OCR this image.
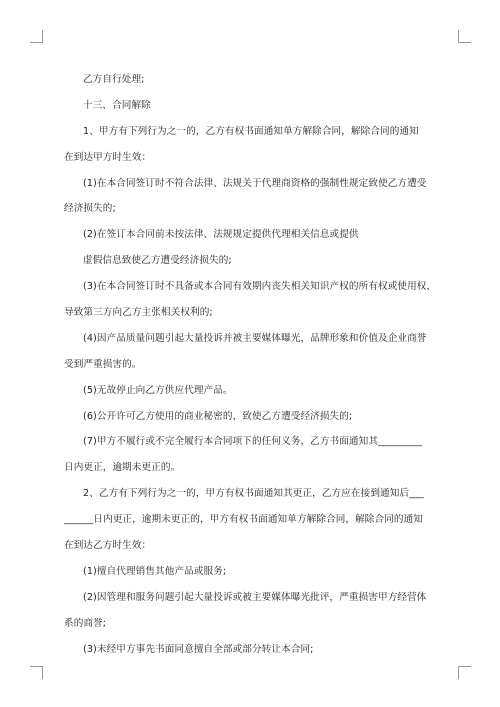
乙方自行处理;
十三、合同解除
1、甲方有下列行为之一的，乙方有权书面通知单方解除合同，解除合同的通知
在到达甲方时生效：
(1)在本合同签订时不符合法律、法规关于代理商资格的强制性规定致使乙方遭受
经济损失的;
(2)在签订本合同前未按法律、法规规定提供代理相关信息或提供
虚假信息致使乙方遭受经济损失的;
(3)在本合同签订时不具备或本合同有效期内丧失相关知识产权的所有权或使用权，
导致第三方向乙方主张相关权利的;
(4)因产品质量问题引起大量投诉并被主要媒体曝光，品牌形象和价值及企业商誉
受到严重损害的。
(5)无故停止向乙方供应代理产品。
(6)公开许可乙方使用的商业秘密的，致使乙方遭受经济损失的;
(7)甲方不履行或不完全履行本合同项下的任何义务，乙方书面通知其_________
日内更正，逾期未更正的。
2、乙方有下列行为之一的，甲方有权书面通知其更正，乙方应在接到通知后___
______日内更正，逾期未更正的，甲方有权书面通知单方解除合同，解除合同的通知
在到达乙方时生效：
(1)擅自代理销售其他产品或服务;
(2)因管理和服务问题引起大量投诉或被主要媒体曝光批评，严重损害甲方经营体
系的商誉;
(3)未经甲方事先书面同意擅自全部或部分转让本合同;
